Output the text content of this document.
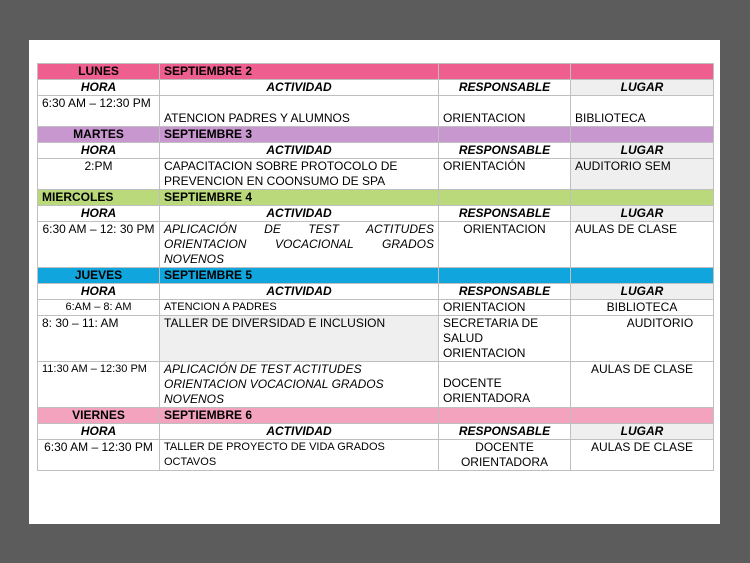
LUNES	SEPTIEMBRE 2		
HORA	ACTIVIDAD	RESPONSABLE	LUGAR
6:30 AM – 12:30 PM	ATENCION PADRES Y ALUMNOS	ORIENTACION	BIBLIOTECA
MARTES	SEPTIEMBRE 3		
HORA	ACTIVIDAD	RESPONSABLE	LUGAR
2:PM	CAPACITACION SOBRE PROTOCOLO DE PREVENCION EN COONSUMO DE SPA	ORIENTACIÓN	AUDITORIO SEM
MIERCOLES	SEPTIEMBRE 4		
HORA	ACTIVIDAD	RESPONSABLE	LUGAR
6:30 AM – 12: 30 PM	APLICACIÓN DE TEST ACTITUDES ORIENTACION VOCACIONAL GRADOS NOVENOS	ORIENTACION	AULAS DE CLASE
JUEVES	SEPTIEMBRE 5		
HORA	ACTIVIDAD	RESPONSABLE	LUGAR
6:AM – 8: AM	ATENCION A PADRES	ORIENTACION	BIBLIOTECA
8: 30 – 11: AM	TALLER DE DIVERSIDAD E INCLUSION	SECRETARIA DE SALUD ORIENTACION	AUDITORIO
11:30 AM – 12:30 PM	APLICACIÓN DE TEST ACTITUDES ORIENTACION VOCACIONAL GRADOS NOVENOS	DOCENTE ORIENTADORA	AULAS DE CLASE
VIERNES	SEPTIEMBRE 6		
HORA	ACTIVIDAD	RESPONSABLE	LUGAR
6:30 AM – 12:30 PM	TALLER DE PROYECTO DE VIDA GRADOS OCTAVOS	DOCENTE ORIENTADORA	AULAS DE CLASE
